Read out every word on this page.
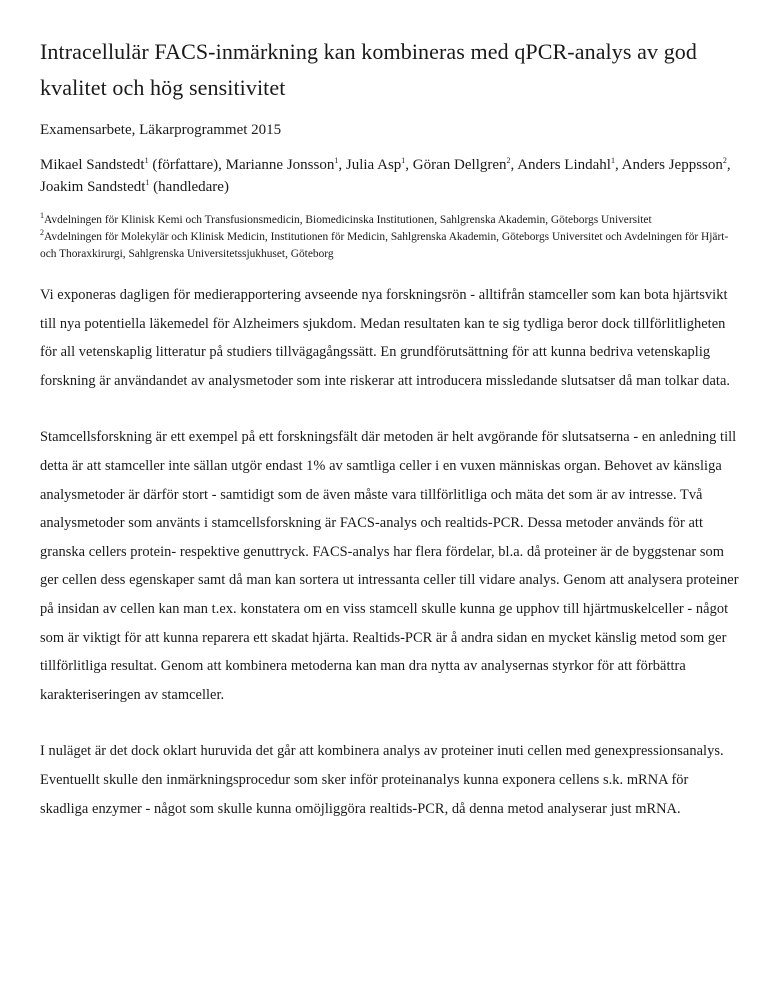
Intracellulär FACS-inmärkning kan kombineras med qPCR-analys av god kvalitet och hög sensitivitet

Examensarbete, Läkarprogrammet 2015

Mikael Sandstedt$^1$ (författare), Marianne Jonsson$^1$, Julia Asp$^1$, Göran Dellgren$^2$, Anders Lindahl$^1$, Anders Jeppsson$^2$, Joakim Sandstedt$^1$ (handledare)

$^1$Avdelningen för Klinisk Kemi och Transfusionsmedicin, Biomedicinska Institutionen, Sahlgrenska Akademin, Göteborgs Universitet

$^2$Avdelningen för Molekylär och Klinisk Medicin, Institutionen för Medicin, Sahlgrenska Akademin, Göteborgs Universitet och Avdelningen för Hjärt- och Thoraxkirurgi, Sahlgrenska Universitetssjukhuset, Göteborg

Vi exponeras dagligen för medierapportering avseende nya forskningsrön - alltifrån stamceller som kan bota hjärtsvikt till nya potentiella läkemedel för Alzheimers sjukdom. Medan resultaten kan te sig tydliga beror dock tillförlitligheten för all vetenskaplig litteratur på studiers tillvägagångssätt. En grundförutsättning för att kunna bedriva vetenskaplig forskning är användandet av analysmetoder som inte riskerar att introducera missledande slutsatser då man tolkar data.

Stamcellsforskning är ett exempel på ett forskningsfält där metoden är helt avgörande för slutsatserna - en anledning till detta är att stamceller inte sällan utgör endast 1% av samtliga celler i en vuxen människas organ. Behovet av känsliga analysmetoder är därför stort - samtidigt som de även måste vara tillförlitliga och mäta det som är av intresse. Två analysmetoder som använts i stamcellsforskning är FACS-analys och realtids-PCR. Dessa metoder används för att granska cellers protein- respektive genuttryck. FACS-analys har flera fördelar, bl.a. då proteiner är de byggstenar som ger cellen dess egenskaper samt då man kan sortera ut intressanta celler till vidare analys. Genom att analysera proteiner på insidan av cellen kan man t.ex. konstatera om en viss stamcell skulle kunna ge upphov till hjärtmuskelceller - något som är viktigt för att kunna reparera ett skadat hjärta. Realtids-PCR är å andra sidan en mycket känslig metod som ger tillförlitliga resultat. Genom att kombinera metoderna kan man dra nytta av analysernas styrkor för att förbättra karakteriseringen av stamceller.

I nuläget är det dock oklart huruvida det går att kombinera analys av proteiner inuti cellen med genexpressionsanalys. Eventuellt skulle den inmärkningsprocedur som sker inför proteinanalys kunna exponera cellens s.k. mRNA för skadliga enzymer - något som skulle kunna omöjliggöra realtids-PCR, då denna metod analyserar just mRNA.
